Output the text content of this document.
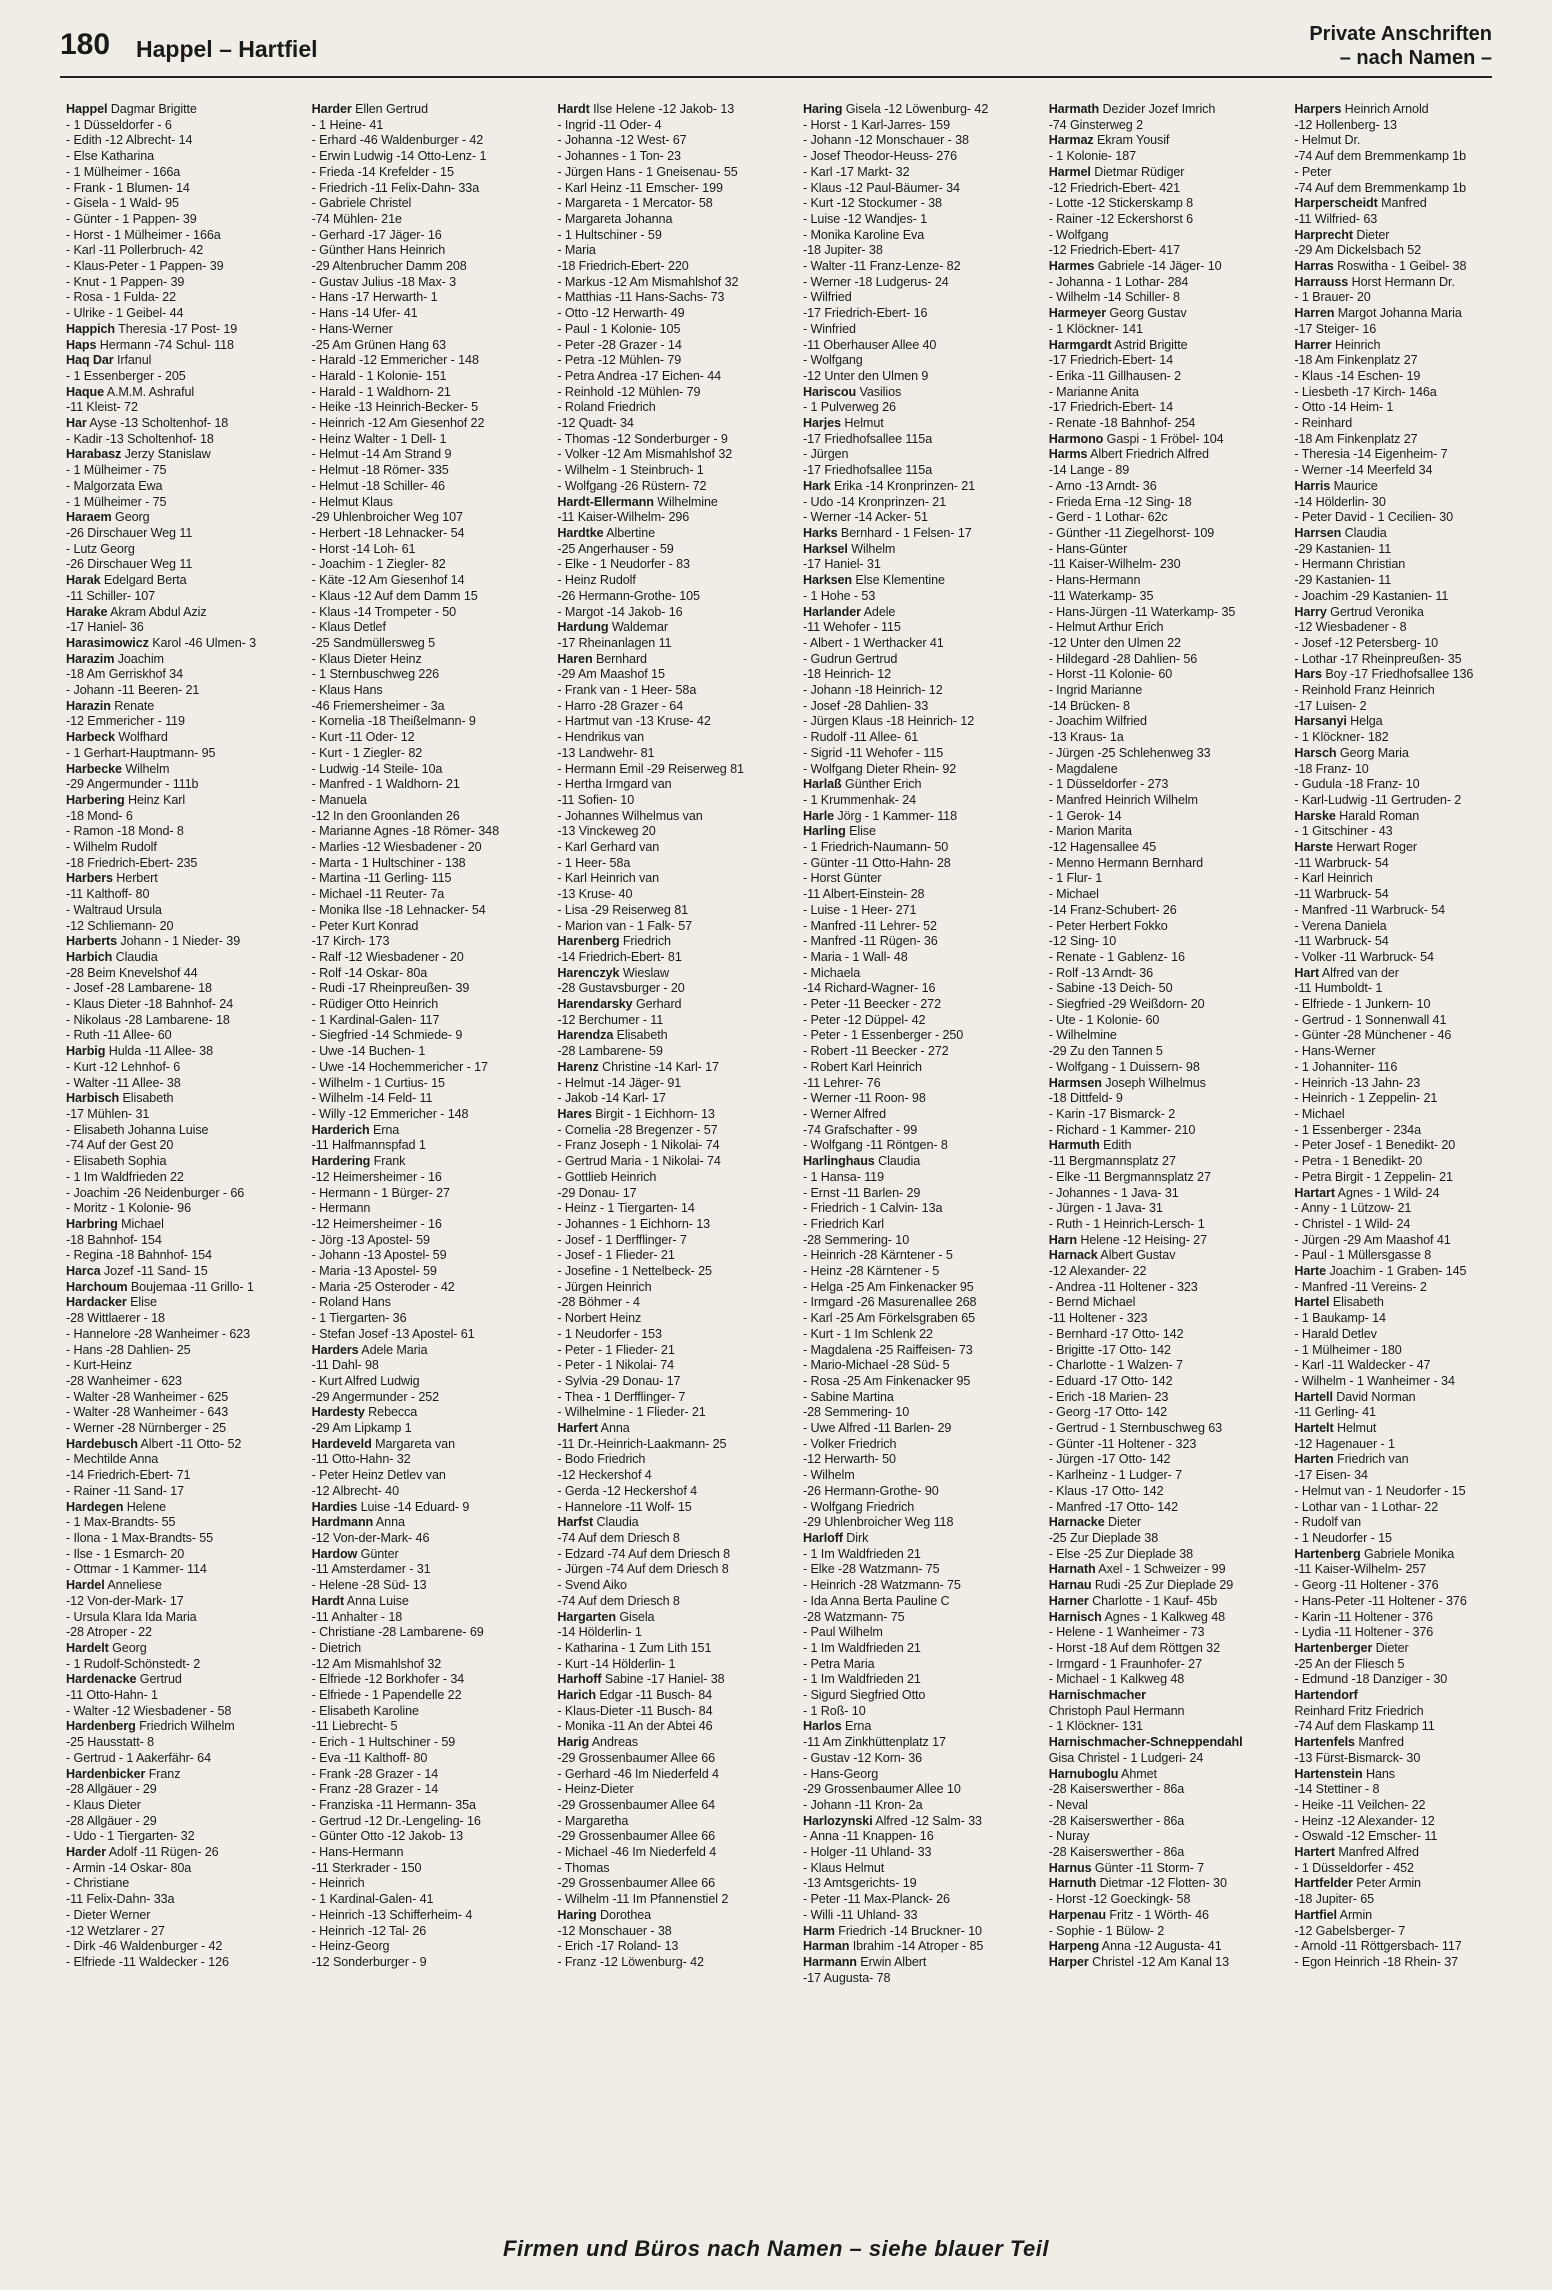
180 Happel – Hartfiel
Private Anschriften
– nach Namen –
Happel Dagmar Brigitte
- 1 Düsseldorfer - 6
- Edith -12 Albrecht- 14
- Else Katharina
- 1 Mülheimer - 166a
- Frank - 1 Blumen- 14
- Gisela - 1 Wald- 95
- Günter - 1 Pappen- 39
- Horst - 1 Mülheimer - 166a
- Karl -11 Pollerbruch- 42
- Klaus-Peter - 1 Pappen- 39
- Knut - 1 Pappen- 39
- Rosa - 1 Fulda- 22
- Ulrike - 1 Geibel- 44
Happich Theresia -17 Post- 19
Haps Hermann -74 Schul- 118
Haq Dar Irfanul
- 1 Essenberger - 205
Haque A.M.M. Ashraful
-11 Kleist- 72
Har Ayse -13 Scholtenhof- 18
- Kadir -13 Scholtenhof- 18
Harabasz Jerzy Stanislaw
- 1 Mülheimer - 75
- Malgorzata Ewa
- 1 Mülheimer - 75
Haraem Georg
-26 Dirschauer Weg 11
- Lutz Georg
-26 Dirschauer Weg 11
Harak Edelgard Berta
-11 Schiller- 107
Harake Akram Abdul Aziz
-17 Haniel- 36
Harasimowicz Karol -46 Ulmen- 3
Harazim Joachim
-18 Am Gerriskhof 34
- Johann -11 Beeren- 21
Harazin Renate
-12 Emmericher - 119
Harbeck Wolfhard
- 1 Gerhart-Hauptmann- 95
Harbecke Wilhelm
-29 Angermunder - 111b
Harbering Heinz Karl
-18 Mond- 6
- Ramon -18 Mond- 8
- Wilhelm Rudolf
-18 Friedrich-Ebert- 235
Harbers Herbert
-11 Kalthoff- 80
- Waltraud Ursula
-12 Schliemann- 20
Harberts Johann - 1 Nieder- 39
Harbich Claudia
-28 Beim Knevelshof 44
- Josef -28 Lambarene- 18
- Klaus Dieter -18 Bahnhof- 24
- Nikolaus -28 Lambarene- 18
- Ruth -11 Allee- 60
Harbig Hulda -11 Allee- 38
- Kurt -12 Lehnhof- 6
- Walter -11 Allee- 38
Harbisch Elisabeth
-17 Mühlen- 31
- Elisabeth Johanna Luise
-74 Auf der Gest 20
- Elisabeth Sophia
- 1 Im Waldfrieden 22
- Joachim -26 Neidenburger - 66
- Moritz - 1 Kolonie- 96
Harbring Michael
-18 Bahnhof- 154
- Regina -18 Bahnhof- 154
Harca Jozef -11 Sand- 15
Harchoum Boujemaa -11 Grillo- 1
Hardacker Elise
-28 Wittlaerer - 18
- Hannelore -28 Wanheimer - 623
- Hans -28 Dahlien- 25
- Kurt-Heinz
-28 Wanheimer - 623
- Walter -28 Wanheimer - 625
- Walter -28 Wanheimer - 643
- Werner -28 Nürnberger - 25
Hardebusch Albert -11 Otto- 52
- Mechtilde Anna
-14 Friedrich-Ebert- 71
- Rainer -11 Sand- 17
Hardegen Helene
- 1 Max-Brandts- 55
- Ilona - 1 Max-Brandts- 55
- Ilse - 1 Esmarch- 20
- Ottmar - 1 Kammer- 114
Hardel Anneliese
-12 Von-der-Mark- 17
- Ursula Klara Ida Maria
-28 Atroper - 22
Hardelt Georg
- 1 Rudolf-Schönstedt- 2
Hardenacke Gertrud
-11 Otto-Hahn- 1
- Walter -12 Wiesbadener - 58
Hardenberg Friedrich Wilhelm
-25 Hausstatt- 8
- Gertrud - 1 Aakerfähr- 64
Hardenbicker Franz
-28 Allgäuer - 29
- Klaus Dieter
-28 Allgäuer - 29
- Udo - 1 Tiergarten- 32
Harder Adolf -11 Rügen- 26
- Armin -14 Oskar- 80a
- Christiane
-11 Felix-Dahn- 33a
- Dieter Werner
-12 Wetzlarer - 27
- Dirk -46 Waldenburger - 42
- Elfriede -11 Waldecker - 126
Harder Ellen Gertrud
- 1 Heine- 41
- Erhard -46 Waldenburger - 42
- Erwin Ludwig -14 Otto-Lenz- 1
- Frieda -14 Krefelder - 15
- Friedrich -11 Felix-Dahn- 33a
- Gabriele Christel
-74 Mühlen- 21e
- Gerhard -17 Jäger- 16
- Günther Hans Heinrich
-29 Altenbrucher Damm 208
- Gustav Julius -18 Max- 3
- Hans -17 Herwarth- 1
- Hans -14 Ufer- 41
- Hans-Werner
-25 Am Grünen Hang 63
- Harald -12 Emmericher - 148
- Harald - 1 Kolonie- 151
- Harald - 1 Waldhorn- 21
- Heike -13 Heinrich-Becker- 5
- Heinrich -12 Am Giesenhof 22
- Heinz Walter - 1 Dell- 1
- Helmut -14 Am Strand 9
- Helmut -18 Römer- 335
- Helmut -18 Schiller- 46
- Helmut Klaus
-29 Uhlenbroicher Weg 107
- Herbert -18 Lehnacker- 54
- Horst -14 Loh- 61
- Joachim - 1 Ziegler- 82
- Käte -12 Am Giesenhof 14
- Klaus -12 Auf dem Damm 15
- Klaus -14 Trompeter - 50
- Klaus Detlef
-25 Sandmüllersweg 5
- Klaus Dieter Heinz
- 1 Sternbuschweg 226
- Klaus Hans
-46 Friemersheimer - 3a
- Kornelia -18 Theißelmann- 9
- Kurt -11 Oder- 12
- Kurt - 1 Ziegler- 82
- Ludwig -14 Steile- 10a
- Manfred - 1 Waldhorn- 21
- Manuela
-12 In den Groonlanden 26
- Marianne Agnes -18 Römer- 348
- Marlies -12 Wiesbadener - 20
- Marta - 1 Hultschiner - 138
- Martina -11 Gerling- 115
- Michael -11 Reuter- 7a
- Monika Ilse -18 Lehnacker- 54
- Peter Kurt Konrad
-17 Kirch- 173
- Ralf -12 Wiesbadener - 20
- Rolf -14 Oskar- 80a
- Rudi -17 Rheinpreußen- 39
- Rüdiger Otto Heinrich
- 1 Kardinal-Galen- 117
- Siegfried -14 Schmiede- 9
- Uwe -14 Buchen- 1
- Uwe -14 Hochemmericher - 17
- Wilhelm - 1 Curtius- 15
- Wilhelm -14 Feld- 11
- Willy -12 Emmericher - 148
Harderich Erna
-11 Halfmannspfad 1
Hardering Frank
-12 Heimersheimer - 16
- Hermann - 1 Bürger- 27
- Hermann
-12 Heimersheimer - 16
- Jörg -13 Apostel- 59
- Johann -13 Apostel- 59
- Maria -13 Apostel- 59
- Maria -25 Osteroder - 42
- Roland Hans
- 1 Tiergarten- 36
- Stefan Josef -13 Apostel- 61
Harders Adele Maria
-11 Dahl- 98
- Kurt Alfred Ludwig
-29 Angermunder - 252
Hardesty Rebecca
-29 Am Lipkamp 1
Hardeveld Margareta van
-11 Otto-Hahn- 32
- Peter Heinz Detlev van
-12 Albrecht- 40
Hardies Luise -14 Eduard- 9
Hardmann Anna
-12 Von-der-Mark- 46
Hardow Günter
-11 Amsterdamer - 31
- Helene -28 Süd- 13
Hardt Anna Luise
-11 Anhalter - 18
- Christiane -28 Lambarene- 69
- Dietrich
-12 Am Mismahlshof 32
- Elfriede -12 Borkhofer - 34
- Elfriede - 1 Papendelle 22
- Elisabeth Karoline
-11 Liebrecht- 5
- Erich - 1 Hultschiner - 59
- Eva -11 Kalthoff- 80
- Frank -28 Grazer - 14
- Franz -28 Grazer - 14
- Franziska -11 Hermann- 35a
- Gertrud -12 Dr.-Lengeling- 16
- Günter Otto -12 Jakob- 13
- Hans-Hermann
-11 Sterkrader - 150
- Heinrich
- 1 Kardinal-Galen- 41
- Heinrich -13 Schifferheim- 4
- Heinrich -12 Tal- 26
- Heinz-Georg
-12 Sonderburger - 9
Hardt Ilse Helene -12 Jakob- 13
- Ingrid -11 Oder- 4
- Johanna -12 West- 67
- Johannes - 1 Ton- 23
- Jürgen Hans - 1 Gneisenau- 55
- Karl Heinz -11 Emscher- 199
- Margareta - 1 Mercator- 58
- Margareta Johanna
- 1 Hultschiner - 59
- Maria
-18 Friedrich-Ebert- 220
- Markus -12 Am Mismahlshof 32
- Matthias -11 Hans-Sachs- 73
- Otto -12 Herwarth- 49
- Paul - 1 Kolonie- 105
- Peter -28 Grazer - 14
- Petra -12 Mühlen- 79
- Petra Andrea -17 Eichen- 44
- Reinhold -12 Mühlen- 79
- Roland Friedrich
-12 Quadt- 34
- Thomas -12 Sonderburger - 9
- Volker -12 Am Mismahlshof 32
- Wilhelm - 1 Steinbruch- 1
- Wolfgang -26 Rüstern- 72
Hardt-Ellermann Wilhelmine
-11 Kaiser-Wilhelm- 296
Hardtke Albertine
-25 Angerhauser - 59
- Elke - 1 Neudorfer - 83
- Heinz Rudolf
-26 Hermann-Grothe- 105
- Margot -14 Jakob- 16
Hardung Waldemar
-17 Rheinanlagen 11
Haren Bernhard
-29 Am Maashof 15
- Frank van - 1 Heer- 58a
- Harro -28 Grazer - 64
- Hartmut van -13 Kruse- 42
- Hendrikus van
-13 Landwehr- 81
- Hermann Emil -29 Reiserweg 81
- Hertha Irmgard van
-11 Sofien- 10
- Johannes Wilhelmus van
-13 Vinckeweg 20
- Karl Gerhard van
- 1 Heer- 58a
- Karl Heinrich van
-13 Kruse- 40
- Lisa -29 Reiserweg 81
- Marion van - 1 Falk- 57
Harenberg Friedrich
-14 Friedrich-Ebert- 81
Harenczyk Wieslaw
-28 Gustavsburger - 20
Harendarsky Gerhard
-12 Berchumer - 11
Harendza Elisabeth
-28 Lambarene- 59
Harenz Christine -14 Karl- 17
- Helmut -14 Jäger- 91
- Jakob -14 Karl- 17
Hares Birgit - 1 Eichhorn- 13
- Cornelia -28 Bregenzer - 57
- Franz Joseph - 1 Nikolai- 74
- Gertrud Maria - 1 Nikolai- 74
- Gottlieb Heinrich
-29 Donau- 17
- Heinz - 1 Tiergarten- 14
- Johannes - 1 Eichhorn- 13
- Josef - 1 Derfflinger- 7
- Josef - 1 Flieder- 21
- Josefine - 1 Nettelbeck- 25
- Jürgen Heinrich
-28 Böhmer - 4
- Norbert Heinz
- 1 Neudorfer - 153
- Peter - 1 Flieder- 21
- Peter - 1 Nikolai- 74
- Sylvia -29 Donau- 17
- Thea - 1 Derfflinger- 7
- Wilhelmine - 1 Flieder- 21
Harfert Anna
-11 Dr.-Heinrich-Laakmann- 25
- Bodo Friedrich
-12 Heckershof 4
- Gerda -12 Heckershof 4
- Hannelore -11 Wolf- 15
Harfst Claudia
-74 Auf dem Driesch 8
- Edzard -74 Auf dem Driesch 8
- Jürgen -74 Auf dem Driesch 8
- Svend Aiko
-74 Auf dem Driesch 8
Hargarten Gisela
-14 Hölderlin- 1
- Katharina - 1 Zum Lith 151
- Kurt -14 Hölderlin- 1
Harhoff Sabine -17 Haniel- 38
Harich Edgar -11 Busch- 84
- Klaus-Dieter -11 Busch- 84
- Monika -11 An der Abtei 46
Harig Andreas
-29 Grossenbaumer Allee 66
- Gerhard -46 Im Niederfeld 4
- Heinz-Dieter
-29 Grossenbaumer Allee 64
- Margaretha
-29 Grossenbaumer Allee 66
- Michael -46 Im Niederfeld 4
- Thomas
-29 Grossenbaumer Allee 66
- Wilhelm -11 Im Pfannenstiel 2
Haring Dorothea
-12 Monschauer - 38
- Erich -17 Roland- 13
- Franz -12 Löwenburg- 42
Haring Gisela -12 Löwenburg- 42
- Horst - 1 Karl-Jarres- 159
- Johann -12 Monschauer - 38
- Josef Theodor-Heuss- 276
- Karl -17 Markt- 32
- Klaus -12 Paul-Bäumer- 34
- Kurt -12 Stockumer - 38
- Luise -12 Wandjes- 1
- Monika Karoline Eva
-18 Jupiter- 38
- Walter -11 Franz-Lenze- 82
- Werner -18 Ludgerus- 24
- Wilfried
-17 Friedrich-Ebert- 16
- Winfried
-11 Oberhauser Allee 40
- Wolfgang
-12 Unter den Ulmen 9
Hariscou Vasilios
- 1 Pulverweg 26
Harjes Helmut
-17 Friedhofsallee 115a
- Jürgen
-17 Friedhofsallee 115a
Hark Erika -14 Kronprinzen- 21
- Udo -14 Kronprinzen- 21
- Werner -14 Acker- 51
Harks Bernhard - 1 Felsen- 17
Harksel Wilhelm
-17 Haniel- 31
Harksen Else Klementine
- 1 Hohe - 53
Harlander Adele
-11 Wehofer - 115
- Albert - 1 Werthacker 41
- Gudrun Gertrud
-18 Heinrich- 12
- Johann -18 Heinrich- 12
- Josef -28 Dahlien- 33
- Jürgen Klaus -18 Heinrich- 12
- Rudolf -11 Allee- 61
- Sigrid -11 Wehofer - 115
- Wolfgang Dieter Rhein- 92
Harlaß Günther Erich
- 1 Krummenhak- 24
Harle Jörg - 1 Kammer- 118
Harling Elise
- 1 Friedrich-Naumann- 50
- Günter -11 Otto-Hahn- 28
- Horst Günter
-11 Albert-Einstein- 28
- Luise - 1 Heer- 271
- Manfred -11 Lehrer- 52
- Manfred -11 Rügen- 36
- Maria - 1 Wall- 48
- Michaela
-14 Richard-Wagner- 16
- Peter -11 Beecker - 272
- Peter -12 Düppel- 42
- Peter - 1 Essenberger - 250
- Robert -11 Beecker - 272
- Robert Karl Heinrich
-11 Lehrer- 76
- Werner -11 Roon- 98
- Werner Alfred
-74 Grafschafter - 99
- Wolfgang -11 Röntgen- 8
Harlinghaus Claudia
- 1 Hansa- 119
- Ernst -11 Barlen- 29
- Friedrich - 1 Calvin- 13a
- Friedrich Karl
-28 Semmering- 10
- Heinrich -28 Kärntener - 5
- Heinz -28 Kärntener - 5
- Helga -25 Am Finkenacker 95
- Irmgard -26 Masurenallee 268
- Karl -25 Am Förkelsgraben 65
- Kurt - 1 Im Schlenk 22
- Magdalena -25 Raiffeisen- 73
- Mario-Michael -28 Süd- 5
- Rosa -25 Am Finkenacker 95
- Sabine Martina
-28 Semmering- 10
- Uwe Alfred -11 Barlen- 29
- Volker Friedrich
-12 Herwarth- 50
- Wilhelm
-26 Hermann-Grothe- 90
- Wolfgang Friedrich
-29 Uhlenbroicher Weg 118
Harloff Dirk
- 1 Im Waldfrieden 21
- Elke -28 Watzmann- 75
- Heinrich -28 Watzmann- 75
- Ida Anna Berta Pauline C
-28 Watzmann- 75
- Paul Wilhelm
- 1 Im Waldfrieden 21
- Petra Maria
- 1 Im Waldfrieden 21
- Sigurd Siegfried Otto
- 1 Roß- 10
Harlos Erna
-11 Am Zinkhüttenplatz 17
- Gustav -12 Korn- 36
- Hans-Georg
-29 Grossenbaumer Allee 10
- Johann -11 Kron- 2a
Harlozynski Alfred -12 Salm- 33
- Anna -11 Knappen- 16
- Holger -11 Uhland- 33
- Klaus Helmut
-13 Amtsgerichts- 19
- Peter -11 Max-Planck- 26
- Willi -11 Uhland- 33
Harm Friedrich -14 Bruckner- 10
Harman Ibrahim -14 Atroper - 85
Harmann Erwin Albert
-17 Augusta- 78
Harmath Dezider Jozef Imrich
-74 Ginsterweg 2
Harmaz Ekram Yousif
- 1 Kolonie- 187
Harmel Dietmar Rüdiger
-12 Friedrich-Ebert- 421
- Lotte -12 Stickerskamp 8
- Rainer -12 Eckershorst 6
- Wolfgang
-12 Friedrich-Ebert- 417
Harmes Gabriele -14 Jäger- 10
- Johanna - 1 Lothar- 284
- Wilhelm -14 Schiller- 8
Harmeyer Georg Gustav
- 1 Klöckner- 141
Harmgardt Astrid Brigitte
-17 Friedrich-Ebert- 14
- Erika -11 Gillhausen- 2
- Marianne Anita
-17 Friedrich-Ebert- 14
- Renate -18 Bahnhof- 254
Harmono Gaspi - 1 Fröbel- 104
Harms Albert Friedrich Alfred
-14 Lange - 89
- Arno -13 Arndt- 36
- Frieda Erna -12 Sing- 18
- Gerd - 1 Lothar- 62c
- Günther -11 Ziegelhorst- 109
- Hans-Günter
-11 Kaiser-Wilhelm- 230
- Hans-Hermann
-11 Waterkamp- 35
- Hans-Jürgen -11 Waterkamp- 35
- Helmut Arthur Erich
-12 Unter den Ulmen 22
- Hildegard -28 Dahlien- 56
- Horst -11 Kolonie- 60
- Ingrid Marianne
-14 Brücken- 8
- Joachim Wilfried
-13 Kraus- 1a
- Jürgen -25 Schlehenweg 33
- Magdalene
- 1 Düsseldorfer - 273
- Manfred Heinrich Wilhelm
- 1 Gerok- 14
- Marion Marita
-12 Hagensallee 45
- Menno Hermann Bernhard
- 1 Flur- 1
- Michael
-14 Franz-Schubert- 26
- Peter Herbert Fokko
-12 Sing- 10
- Renate - 1 Gablenz- 16
- Rolf -13 Arndt- 36
- Sabine -13 Deich- 50
- Siegfried -29 Weißdorn- 20
- Ute - 1 Kolonie- 60
- Wilhelmine
-29 Zu den Tannen 5
- Wolfgang - 1 Duissern- 98
Harmsen Joseph Wilhelmus
-18 Dittfeld- 9
- Karin -17 Bismarck- 2
- Richard - 1 Kammer- 210
Harmuth Edith
-11 Bergmannsplatz 27
- Elke -11 Bergmannsplatz 27
- Johannes - 1 Java- 31
- Jürgen - 1 Java- 31
- Ruth - 1 Heinrich-Lersch- 1
Harn Helene -12 Heising- 27
Harnack Albert Gustav
-12 Alexander- 22
- Andrea -11 Holtener - 323
- Bernd Michael
-11 Holtener - 323
- Bernhard -17 Otto- 142
- Brigitte -17 Otto- 142
- Charlotte - 1 Walzen- 7
- Eduard -17 Otto- 142
- Erich -18 Marien- 23
- Georg -17 Otto- 142
- Gertrud - 1 Sternbuschweg 63
- Günter -11 Holtener - 323
- Jürgen -17 Otto- 142
- Karlheinz - 1 Ludger- 7
- Klaus -17 Otto- 142
- Manfred -17 Otto- 142
Harnacke Dieter
-25 Zur Dieplade 38
- Else -25 Zur Dieplade 38
Harnath Axel - 1 Schweizer - 99
Harnau Rudi -25 Zur Dieplade 29
Harner Charlotte - 1 Kauf- 45b
Harnisch Agnes - 1 Kalkweg 48
- Helene - 1 Wanheimer - 73
- Horst -18 Auf dem Röttgen 32
- Irmgard - 1 Fraunhofer- 27
- Michael - 1 Kalkweg 48
Harnischmacher
Christoph Paul Hermann
- 1 Klöckner- 131
Harnischmacher-Schneppendahl
Gisa Christel - 1 Ludgeri- 24
Harnuboglu Ahmet
-28 Kaiserswerther - 86a
- Neval
-28 Kaiserswerther - 86a
- Nuray
-28 Kaiserswerther - 86a
Harnus Günter -11 Storm- 7
Harnuth Dietmar -12 Flotten- 30
- Horst -12 Goeckingk- 58
Harpenau Fritz - 1 Wörth- 46
- Sophie - 1 Bülow- 2
Harpeng Anna -12 Augusta- 41
Harper Christel -12 Am Kanal 13
Harpers Heinrich Arnold
-12 Hollenberg- 13
- Helmut Dr.
-74 Auf dem Bremmenkamp 1b
- Peter
-74 Auf dem Bremmenkamp 1b
Harperscheidt Manfred
-11 Wilfried- 63
Harprecht Dieter
-29 Am Dickelsbach 52
Harras Roswitha - 1 Geibel- 38
Harrauss Horst Hermann Dr.
- 1 Brauer- 20
Harren Margot Johanna Maria
-17 Steiger- 16
Harrer Heinrich
-18 Am Finkenplatz 27
- Klaus -14 Eschen- 19
- Liesbeth -17 Kirch- 146a
- Otto -14 Heim- 1
- Reinhard
-18 Am Finkenplatz 27
- Theresia -14 Eigenheim- 7
- Werner -14 Meerfeld 34
Harris Maurice
-14 Hölderlin- 30
- Peter David - 1 Cecilien- 30
Harrsen Claudia
-29 Kastanien- 11
- Hermann Christian
-29 Kastanien- 11
- Joachim -29 Kastanien- 11
Harry Gertrud Veronika
-12 Wiesbadener - 8
- Josef -12 Petersberg- 10
- Lothar -17 Rheinpreußen- 35
Hars Boy -17 Friedhofsallee 136
- Reinhold Franz Heinrich
-17 Luisen- 2
Harsanyi Helga
- 1 Klöckner- 182
Harsch Georg Maria
-18 Franz- 10
- Gudula -18 Franz- 10
- Karl-Ludwig -11 Gertruden- 2
Harske Harald Roman
- 1 Gitschiner - 43
Harste Herwart Roger
-11 Warbruck- 54
- Karl Heinrich
-11 Warbruck- 54
- Manfred -11 Warbruck- 54
- Verena Daniela
-11 Warbruck- 54
- Volker -11 Warbruck- 54
Hart Alfred van der
-11 Humboldt- 1
- Elfriede - 1 Junkern- 10
- Gertrud - 1 Sonnenwall 41
- Günter -28 Münchener - 46
- Hans-Werner
- 1 Johanniter- 116
- Heinrich -13 Jahn- 23
- Heinrich - 1 Zeppelin- 21
- Michael
- 1 Essenberger - 234a
- Peter Josef - 1 Benedikt- 20
- Petra - 1 Benedikt- 20
- Petra Birgit - 1 Zeppelin- 21
Hartart Agnes - 1 Wild- 24
- Anny - 1 Lützow- 21
- Christel - 1 Wild- 24
- Jürgen -29 Am Maashof 41
- Paul - 1 Müllersgasse 8
Harte Joachim - 1 Graben- 145
- Manfred -11 Vereins- 2
Hartel Elisabeth
- 1 Baukamp- 14
- Harald Detlev
- 1 Mülheimer - 180
- Karl -11 Waldecker - 47
- Wilhelm - 1 Wanheimer - 34
Hartell David Norman
-11 Gerling- 41
Hartelt Helmut
-12 Hagenauer - 1
Harten Friedrich van
-17 Eisen- 34
- Helmut van - 1 Neudorfer - 15
- Lothar van - 1 Lothar- 22
- Rudolf van
- 1 Neudorfer - 15
Hartenberg Gabriele Monika
-11 Kaiser-Wilhelm- 257
- Georg -11 Holtener - 376
- Hans-Peter -11 Holtener - 376
- Karin -11 Holtener - 376
- Lydia -11 Holtener - 376
Hartenberger Dieter
-25 An der Fliesch 5
- Edmund -18 Danziger - 30
Hartendorf
Reinhard Fritz Friedrich
-74 Auf dem Flaskamp 11
Hartenfels Manfred
-13 Fürst-Bismarck- 30
Hartenstein Hans
-14 Stettiner - 8
- Heike -11 Veilchen- 22
- Heinz -12 Alexander- 12
- Oswald -12 Emscher- 11
Hartert Manfred Alfred
- 1 Düsseldorfer - 452
Hartfelder Peter Armin
-18 Jupiter- 65
Hartfiel Armin
-12 Gabelsberger- 7
- Arnold -11 Röttgersbach- 117
- Egon Heinrich -18 Rhein- 37
Firmen und Büros nach Namen – siehe blauer Teil
